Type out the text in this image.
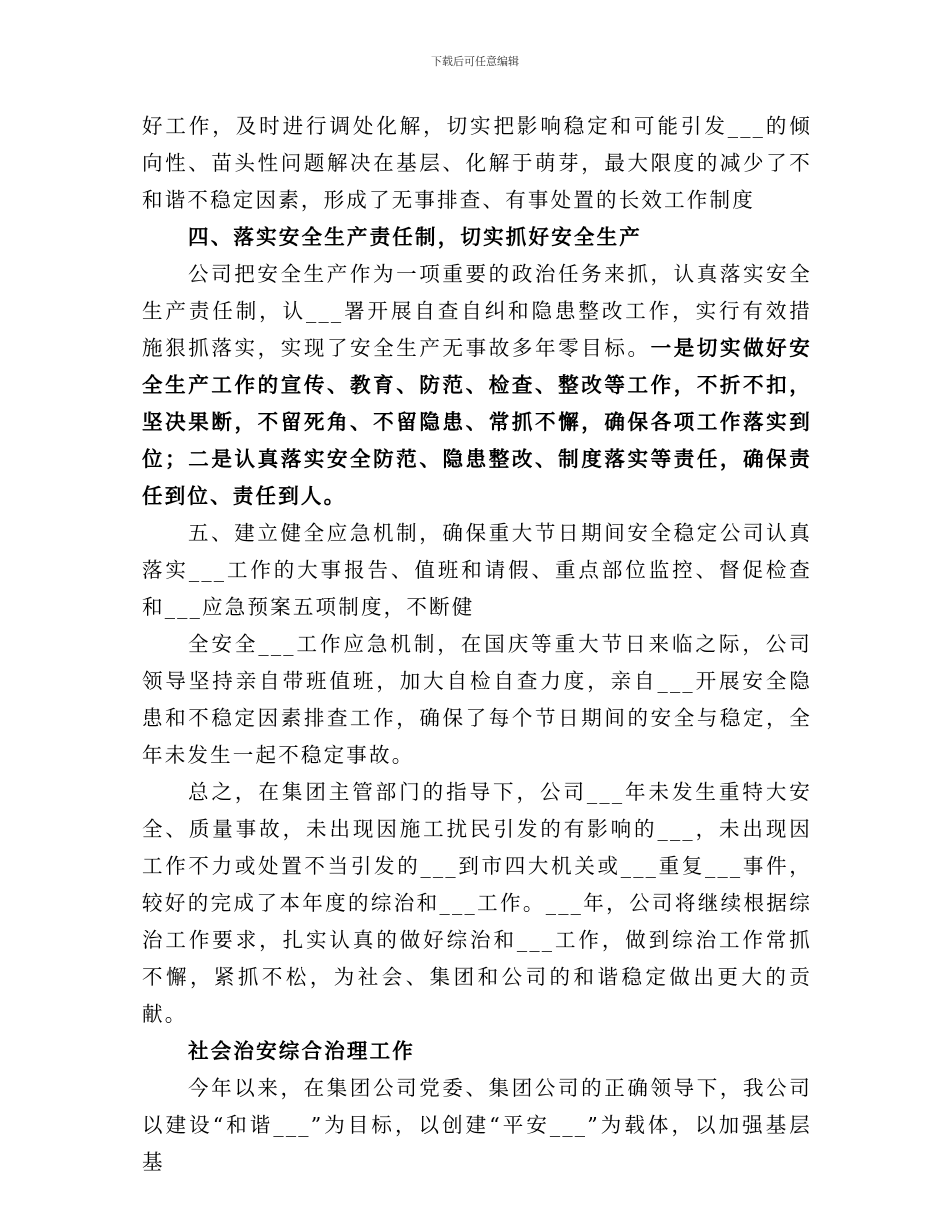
下载后可任意编辑

好工作，及时进行调处化解，切实把影响稳定和可能引发___的倾向性、苗头性问题解决在基层、化解于萌芽，最大限度的减少了不和谐不稳定因素，形成了无事排查、有事处置的长效工作制度

四、落实安全生产责任制，切实抓好安全生产

公司把安全生产作为一项重要的政治任务来抓，认真落实安全生产责任制，认___署开展自查自纠和隐患整改工作，实行有效措施狠抓落实，实现了安全生产无事故多年零目标。一是切实做好安全生产工作的宣传、教育、防范、检查、整改等工作，不折不扣，坚决果断，不留死角、不留隐患、常抓不懈，确保各项工作落实到位；二是认真落实安全防范、隐患整改、制度落实等责任，确保责任到位、责任到人。

五、建立健全应急机制，确保重大节日期间安全稳定公司认真落实___工作的大事报告、值班和请假、重点部位监控、督促检查和___应急预案五项制度，不断健

全安全___工作应急机制，在国庆等重大节日来临之际，公司领导坚持亲自带班值班，加大自检自查力度，亲自___开展安全隐患和不稳定因素排查工作，确保了每个节日期间的安全与稳定，全年未发生一起不稳定事故。

总之，在集团主管部门的指导下，公司___年未发生重特大安全、质量事故，未出现因施工扰民引发的有影响的___，未出现因工作不力或处置不当引发的___到市四大机关或___重复___事件，较好的完成了本年度的综治和___工作。___年，公司将继续根据综治工作要求，扎实认真的做好综治和___工作，做到综治工作常抓不懈，紧抓不松，为社会、集团和公司的和谐稳定做出更大的贡献。

社会治安综合治理工作

今年以来，在集团公司党委、集团公司的正确领导下，我公司以建设“和谐___”为目标，以创建“平安___”为载体，以加强基层基
